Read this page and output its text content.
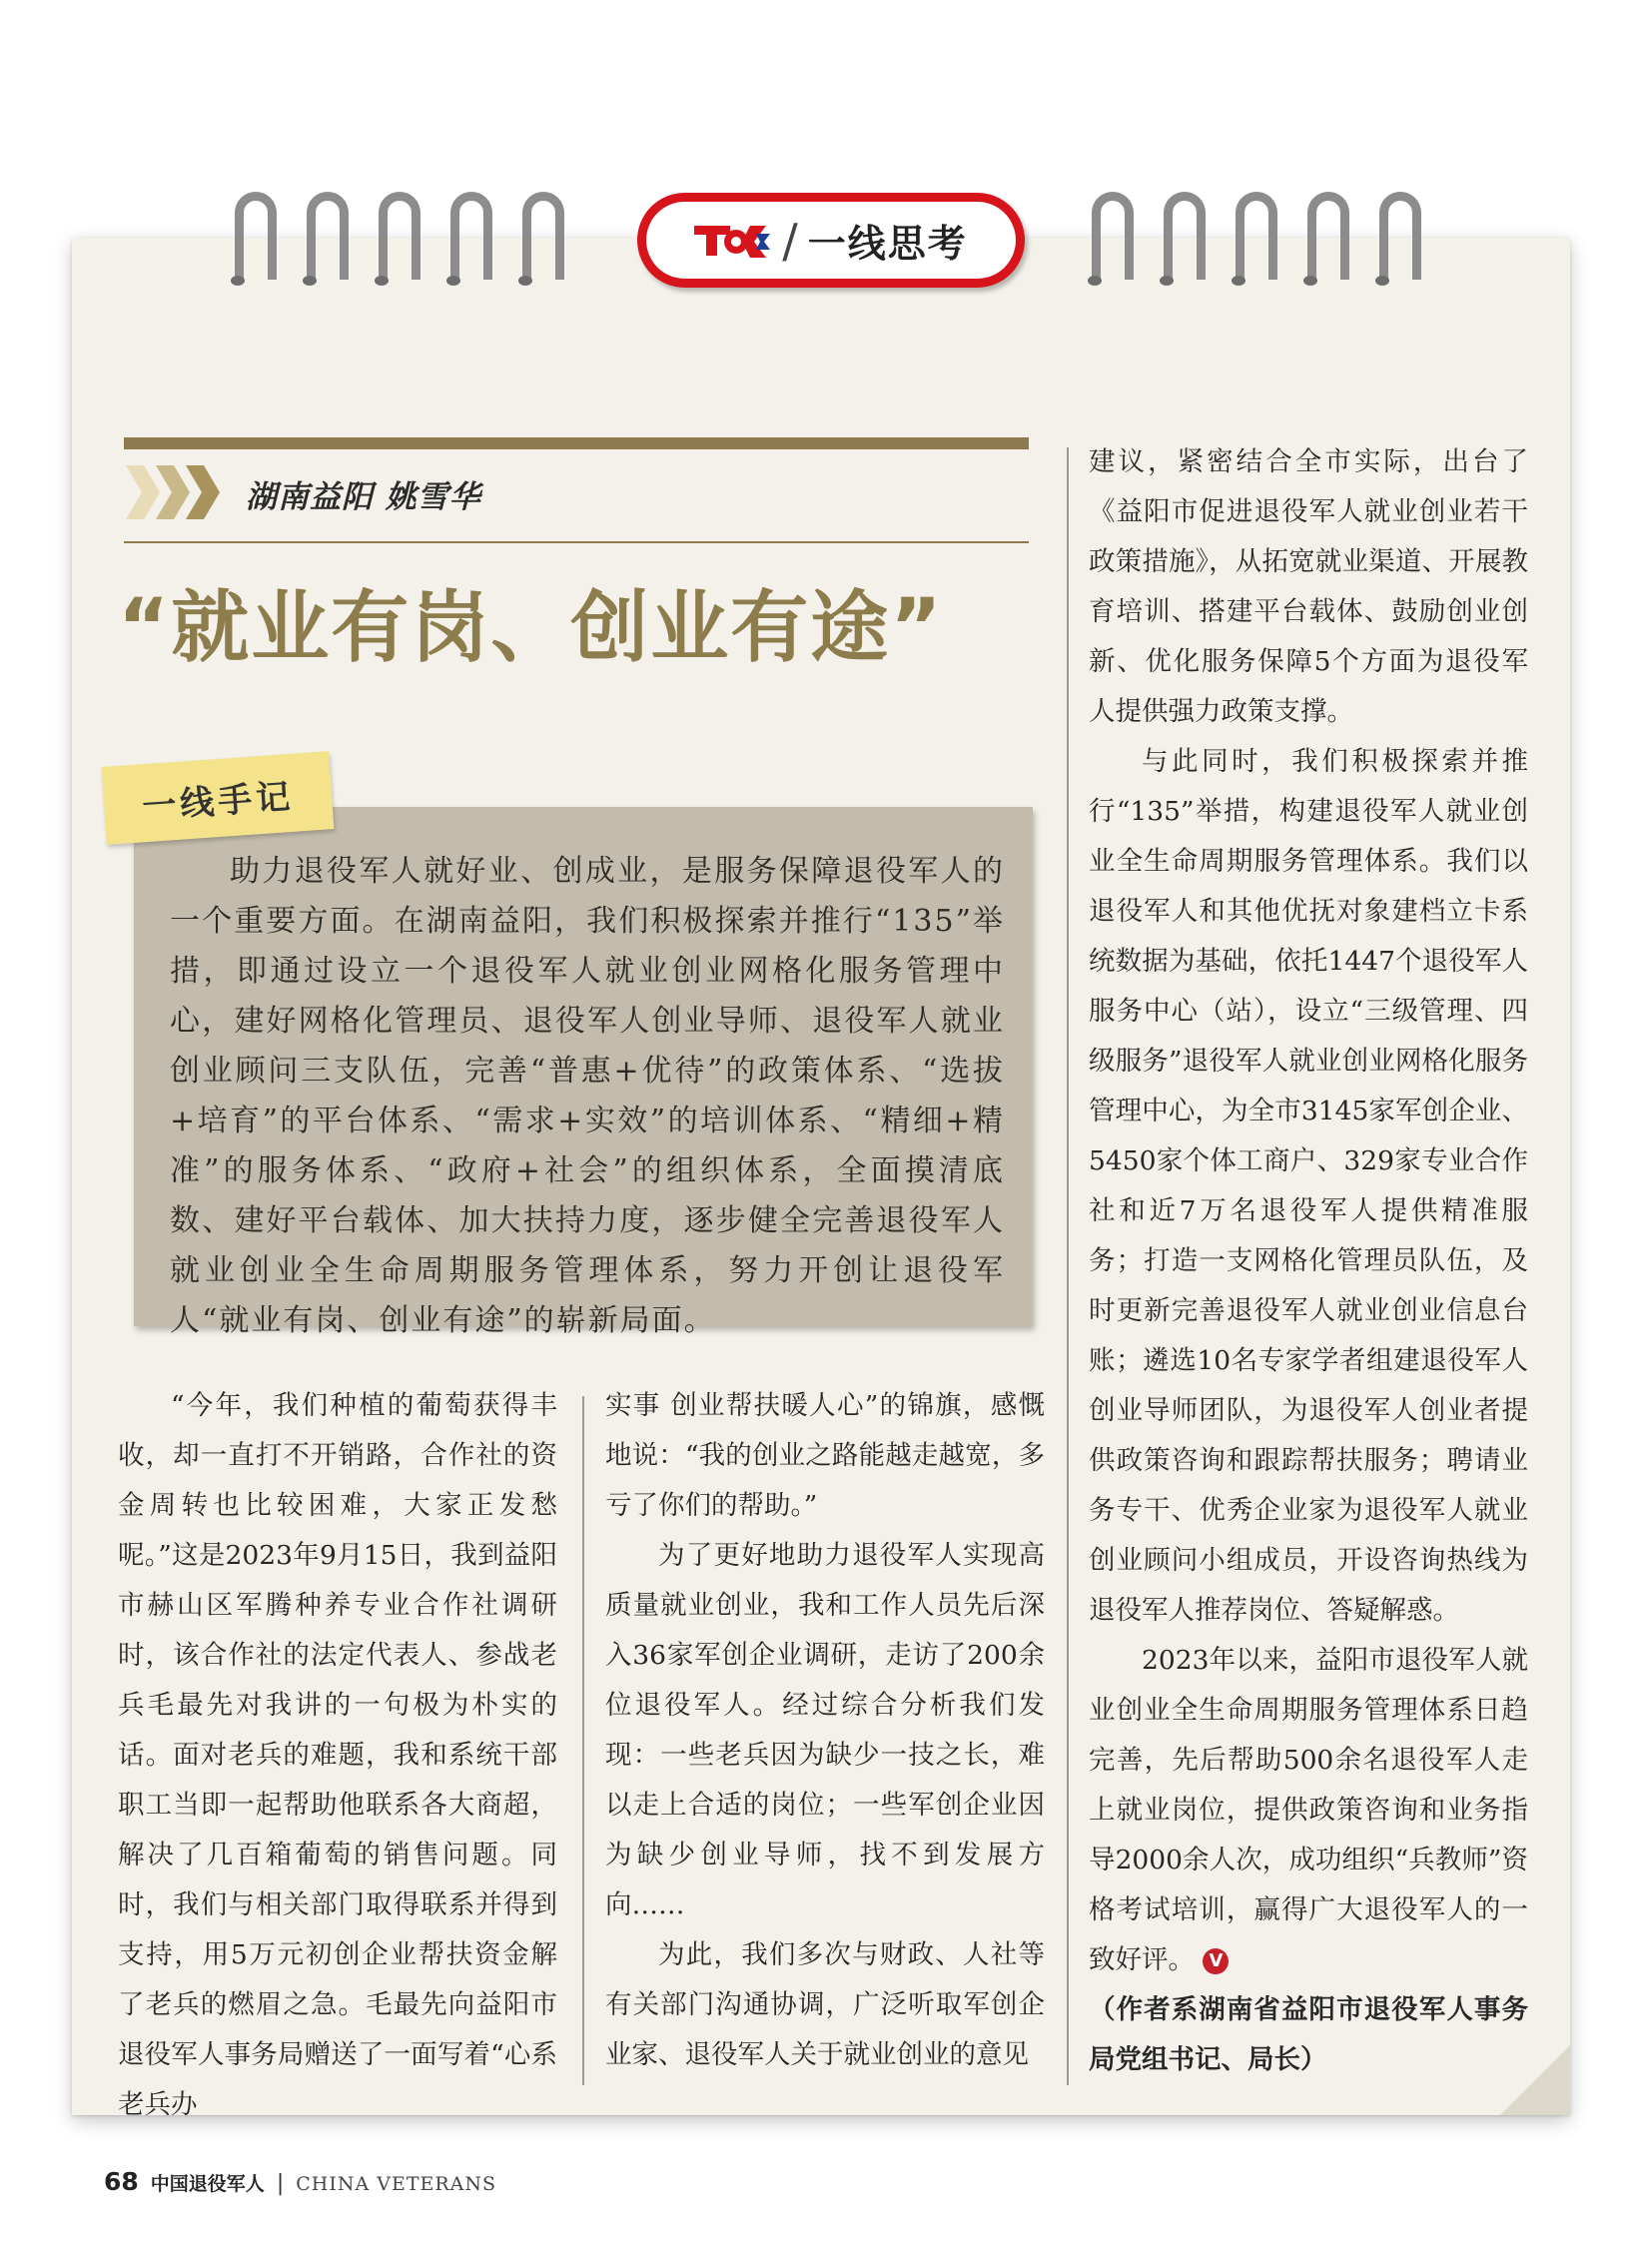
/ 一线思考
湖南益阳 姚雪华
“就业有岗、创业有途”
一线手记
助力退役军人就好业、创成业，是服务保障退役军人的一个重要方面。在湖南益阳，我们积极探索并推行“135”举措，即通过设立一个退役军人就业创业网格化服务管理中心，建好网格化管理员、退役军人创业导师、退役军人就业创业顾问三支队伍，完善“普惠+优待”的政策体系、“选拔+培育”的平台体系、“需求+实效”的培训体系、“精细+精准”的服务体系、“政府+社会”的组织体系，全面摸清底数、建好平台载体、加大扶持力度，逐步健全完善退役军人就业创业全生命周期服务管理体系，努力开创让退役军人“就业有岗、创业有途”的崭新局面。

“今年，我们种植的葡萄获得丰收，却一直打不开销路，合作社的资金周转也比较困难，大家正发愁呢。”这是2023年9月15日，我到益阳市赫山区军腾种养专业合作社调研时，该合作社的法定代表人、参战老兵毛最先对我讲的一句极为朴实的话。面对老兵的难题，我和系统干部职工当即一起帮助他联系各大商超，解决了几百箱葡萄的销售问题。同时，我们与相关部门取得联系并得到支持，用5万元初创企业帮扶资金解了老兵的燃眉之急。毛最先向益阳市退役军人事务局赠送了一面写着“心系老兵办

实事 创业帮扶暖人心”的锦旗，感慨地说：“我的创业之路能越走越宽，多亏了你们的帮助。”

为了更好地助力退役军人实现高质量就业创业，我和工作人员先后深入36家军创企业调研，走访了200余位退役军人。经过综合分析我们发现：一些老兵因为缺少一技之长，难以走上合适的岗位；一些军创企业因为缺少创业导师，找不到发展方向……

为此，我们多次与财政、人社等有关部门沟通协调，广泛听取军创企业家、退役军人关于就业创业的意见

建议，紧密结合全市实际，出台了《益阳市促进退役军人就业创业若干政策措施》，从拓宽就业渠道、开展教育培训、搭建平台载体、鼓励创业创新、优化服务保障5个方面为退役军人提供强力政策支撑。

与此同时，我们积极探索并推行“135”举措，构建退役军人就业创业全生命周期服务管理体系。我们以退役军人和其他优抚对象建档立卡系统数据为基础，依托1447个退役军人服务中心（站），设立“三级管理、四级服务”退役军人就业创业网格化服务管理中心，为全市3145家军创企业、5450家个体工商户、329家专业合作社和近7万名退役军人提供精准服务；打造一支网格化管理员队伍，及时更新完善退役军人就业创业信息台账；遴选10名专家学者组建退役军人创业导师团队，为退役军人创业者提供政策咨询和跟踪帮扶服务；聘请业务专干、优秀企业家为退役军人就业创业顾问小组成员，开设咨询热线为退役军人推荐岗位、答疑解惑。

2023年以来，益阳市退役军人就业创业全生命周期服务管理体系日趋完善，先后帮助500余名退役军人走上就业岗位，提供政策咨询和业务指导2000余人次，成功组织“兵教师”资格考试培训，赢得广大退役军人的一致好评。 V

（作者系湖南省益阳市退役军人事务局党组书记、局长）

68 中国退役军人 | CHINA VETERANS
